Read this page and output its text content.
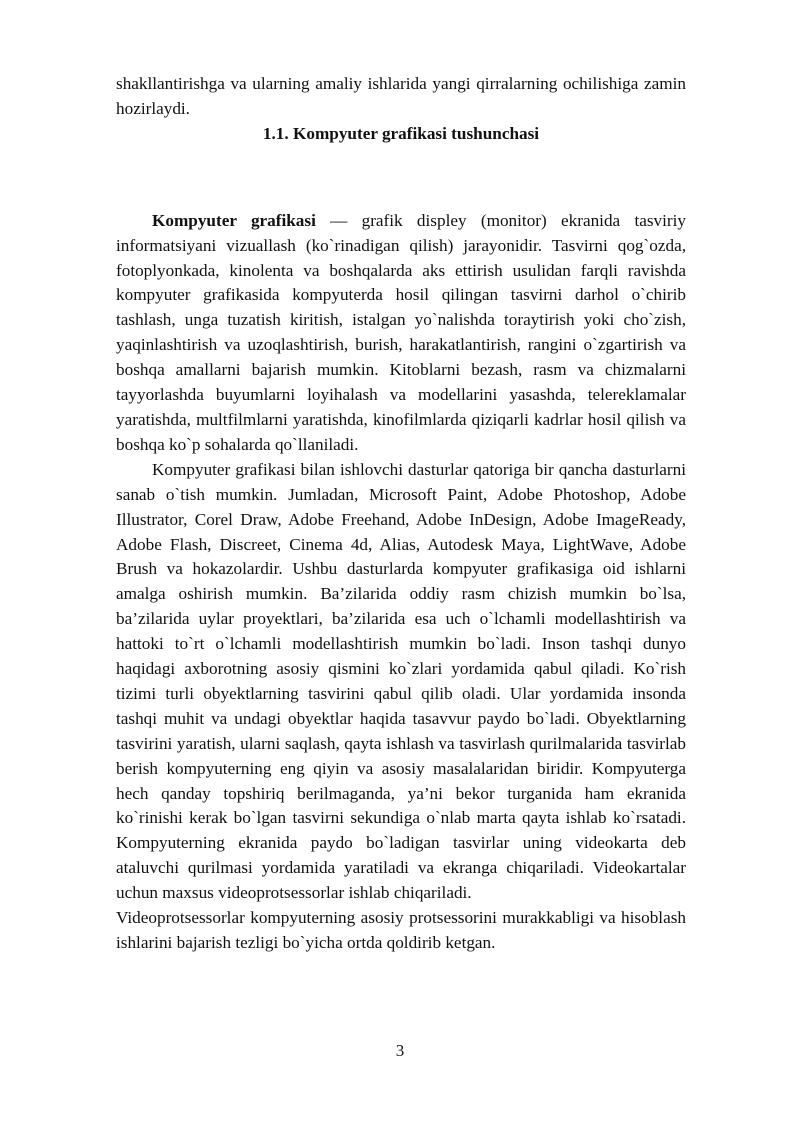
shakllantirishga va ularning amaliy ishlarida yangi qirralarning ochilishiga zamin hozirlaydi.

1.1. Kompyuter grafikasi tushunchasi

Kompyuter grafikasi — grafik displey (monitor) ekranida tasviriy informatsiyani vizuallash (ko`rinadigan qilish) jarayonidir. Tasvirni qog`ozda, fotoplyonkada, kinolenta va boshqalarda aks ettirish usulidan farqli ravishda kompyuter grafikasida kompyuterda hosil qilingan tasvirni darhol o`chirib tashlash, unga tuzatish kiritish, istalgan yo`nalishda toraytirish yoki cho`zish, yaqinlashtirish va uzoqlashtirish, burish, harakatlantirish, rangini o`zgartirish va boshqa amallarni bajarish mumkin. Kitoblarni bezash, rasm va chizmalarni tayyorlashda buyumlarni loyihalash va modellarini yasashda, telereklamalar yaratishda, multfilmlarni yaratishda, kinofilmlarda qiziqarli kadrlar hosil qilish va boshqa ko`p sohalarda qo`llaniladi.

Kompyuter grafikasi bilan ishlovchi dasturlar qatoriga bir qancha dasturlarni sanab o`tish mumkin. Jumladan, Microsoft Paint, Adobe Photoshop, Adobe Illustrator, Corel Draw, Adobe Freehand, Adobe InDesign, Adobe ImageReady, Adobe Flash, Discreet, Cinema 4d, Alias, Autodesk Maya, LightWave, Adobe Brush va hokazolardir. Ushbu dasturlarda kompyuter grafikasiga oid ishlarni amalga oshirish mumkin. Ba’zilarida oddiy rasm chizish mumkin bo`lsa, ba’zilarida uylar proyektlari, ba’zilarida esa uch o`lchamli modellashtirish va hattoki to`rt o`lchamli modellashtirish mumkin bo`ladi. Inson tashqi dunyo haqidagi axborotning asosiy qismini ko`zlari yordamida qabul qiladi. Ko`rish tizimi turli obyektlarning tasvirini qabul qilib oladi. Ular yordamida insonda tashqi muhit va undagi obyektlar haqida tasavvur paydo bo`ladi. Obyektlarning tasvirini yaratish, ularni saqlash, qayta ishlash va tasvirlash qurilmalarida tasvirlab berish kompyuterning eng qiyin va asosiy masalalaridan biridir. Kompyuterga hech qanday topshiriq berilmaganda, ya’ni bekor turganida ham ekranida ko`rinishi kerak bo`lgan tasvirni sekundiga o`nlab marta qayta ishlab ko`rsatadi. Kompyuterning ekranida paydo bo`ladigan tasvirlar uning videokarta deb ataluvchi qurilmasi yordamida yaratiladi va ekranga chiqariladi. Videokartalar uchun maxsus videoprotsessorlar ishlab chiqariladi.

Videoprotsessorlar kompyuterning asosiy protsessorini murakkabligi va hisoblash ishlarini bajarish tezligi bo`yicha ortda qoldirib ketgan.

3
